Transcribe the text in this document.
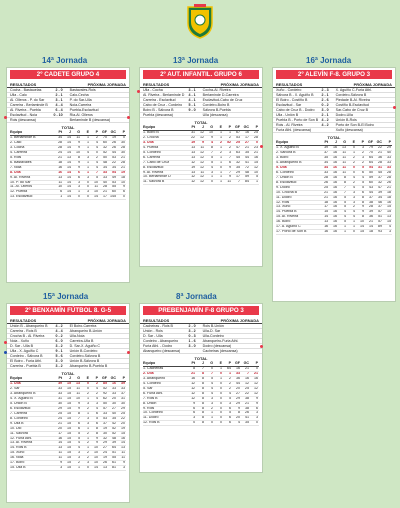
14ª Jornada	13ª Jornada	16ª Jornada
15ª Jornada	8ª Jornada
2º CADETE GRUPO 4
RESULTADOS	PRÓXIMA JORNADA
Cocha - Bastauelas	2 - 0	Bastavales-Rois
Ulla - Calo	2 - 1	Calo-Cecha
Al. Olleros - P. do Sar	3 - 1	P. do Sar-Ulla
Carreira - Berlaminde B 4 - 4	Noia-Carreira
Al. Riveira - Puebla	6 - 4	Puebla-Esclavitud
Esclavitud - Noia	0 - 10	Ria-Al. Olleros
Rois (descansa)	Berlaminde B (descansa)
TOTAL
Equipo	Pt	J	G	E	P	GF	GC	P
1. Berlaminde B	34	14	11	1	2	70	19	0
2. Calo	28	14	9	1	4	60	26	30
3. Cocha	28	14	9	1	4	32	26	28
4. Carreira	24	14	10	4	0	52	44	30
5. Rois	21	13	8	3	2	50	53	21
6. Bastavales	18	14	9	1	4	48	22	28
7. Noia	16	14	9	1	4	34	34	21
8. Ulla	16	14	6	1	7	33	54	19
9. Al. Riveira	13	14	6	3	5	33	49	18
10. P. do Sar	11	14	3	0	10	40	53	10
11. Al. Olleros	10	14	3	0	11	28	55	9
12. Puebla	6	14	1	3	10	21	60	6
13. Esclavitud	1	14	0	0	14	17	145	0
2º AUT. INFANTIL. GRUPO 6
RESULTADOS	PRÓXIMA JORNADA
Ulla - Cocha	3 - 1	Cocha-Al. Riveira
Al. Riveira - Berlaminde D 4 - 1	Berlaminde D-Carreira
Carreira - Esclavitud	4 - 1	Esclavitud-Cabo de Cruz
Cabo de Cruz - Cordeiro 5 - 1	Cordeiro-Boiro B
Boiro B - Sálvora B	9 - 0	Sálvora B-Puebla
Puebla (descansa)	Ulla (descansa)
TOTAL
Equipo	Pt	J	G	E	P	GF	GC	P
1. Boiro B	31	12	10	1	1	67	16	25
2. Crocha	22	12	9	1	2	53	17	28
3. Ulla	19	9	4	2	52	25	27	0
4. Puebla	13	11	8	1	2	47	21	23
5. Cordeiro	13	12	7	2	3	63	35	21
6. Carreira	13	12	5	1	7	45	44	16
7. Cabo de Cruz	12	12	5	1	6	32	41	15
8. Esclavitud	19	12	4	0	9	35	72	12
9. Al. Riveira	13	11	3	1	7	29	48	10
10. Berlaminde D	12	12	1	1	9	17	59	5
11. Sálvora B	12	12	0	1	11	7	84	1
2º ALEVÍN F-8. GRUPO 3
RESULTADOS	PRÓXIMA JORNADA
Xuño - Cordeiro	2 - 3	X. Aguiño C-Furia Athl.
Sálvora B - X. Aguiño B 2 - 1	Cordeiro-Sálvora B
El Boiro - Costiño B	2 - 6	Piedade B-Al. Riveira
Esclavitud - Sar	0 - 2	Costiño B-Esclavitud
Cabo de Cruz B - Dodro 3 - 0	Sar-Cabo de Cruz B
Ulla - Unión B	2 - 1	Dodro-Ulla
Puebla B - Porto de Son B 4 - 2	Unión B-Rois
Rois - Al. Riveira	4 - 2	Porto de Son B-El Boiro
Furia Athl. (descansa)	Xuño (descansa)
TOTAL
Equipo	Pt	J	G	E	P	GF	GC	P
1. X. Aguiño B	39	16	13	0	3	79	22	29
2. Sálvora B	37	16	11	1	2	70	21	40
3. Boiro	35	16	11	2	3	64	36	33
4. Abanqueiro B	34	16	11	2	2	64	28	33
5. Ulla	34	16	11	0	5	54	31	33
6. Cordeiro	33	16	11	0	6	50	45	28
7. Unión B	28	16	8	4	4	59	37	28
8. Esclavitud	26	16	8	2	5	60	32	26
9. Dodro	25	16	7	4	5	43	47	21
10. Crocha B	21	16	7	3	6	44	39	18
11. Dodro	21	16	5	3	8	37	34	18
12. Rois	18	16	5	3	8	38	46	16
13. Xuño	17	16	5	2	9	28	37	15
14. Puebla B	15	16	4	4	9	39	57	15
15. Al. Riveira	14	16	4	4	8	36	51	13
16. Boiro	13	16	5	1	10	21	57	15
17. A. Aguiño C	16	16	1	1	14	14	89	4
17. Porto de Son B	16	16	1	0	15	18	93	3
2º BENXAMÍN FÚTBOL 8. G-5
RESULTADOS	PRÓXIMA JORNADA
Unión B - Abanqueiro B 4 - 2	El Boiro-Carreira
Carreira - Rois B	4 - 4	Abanqueiro B-Unión
Crocha B - Al. Riveira	0 - 2	Ulla-Noia
Noia - Xuño	6 - 0	Carreira-Ulla B
D. Sar - Ulla B	3 - 2	D. Sar-X. Aguiño C
Ulla - X. Aguiño C	9 - 1	Unión B-Cordeiro
Cordeiro - Sálvora B	5 - 6	Cordeiro-Sálvora B
El Boiro - Furia Athl.	3 - 0	Unión B-Sálvora B
Carreira - Puebla B	3 - 2	Abanqueiro B-Puebla B
TOTAL
Equipo	Pt	J	G	E	P	GF	GC	P
1. Ulla	39	15	13	0	2	85	16	39
2. Sar	33	15	11	0	4	52	33	33
3. Abanqueiro B	33	15	11	2	2	92	33	37
4. X. Aguiño B	31	15	10	1	4	62	20	31
5. Unión B	30	15	9	3	3	50	30	30
6. Esclavitud	29	15	9	2	4	57	27	29
7. Carreira	25	15	8	1	6	33	40	25
8. Cordeiro	24	15	7	3	5	53	35	22
9. Ulla B	21	15	6	3	6	37	42	20
10. Dio	20	15	6	1	8	19	52	19
11. Sálvora	17	15	5	2	8	30	52	15
12. Furia Athl.	16	15	5	1	9	32	48	16
13. Al. Riveira	14	15	4	2	9	29	39	14
14. Rois B	13	15	4	1	10	27	64	13
15. Xuño	11	15	3	2	10	24	51	11
16. Noia	11	15	3	2	10	19	55	11
17. Boiro	9	15	2	3	10	26	61	9
15. Ulla B	3	15	1	0	14	13	81	3
PREBENJAMÍN F-8 GRUPO 3
RESULTADOS	PRÓXIMA JORNADA
Cacheiras - Rois B	2 - 0	Rois B-Unión
Unión - Rois	3 - 2	Ulla-D. Sar
D. Sar - Ulla	0 - 3	Ulla-Cordeiro
Cordeiro - Abanqueiro	1 - 6	Abanqueiro-Furia Athl.
Furia Athl. - Dodro	3 - 0	Dodro (descansa)
Abanqueiro (descansa)	Cacheiras (descansa)
TOTAL
Equipo	Pt	J	G	E	P	GF	GC	P
1. Cacheiras	8	7	0	1	64	16	21	0
2. Ulla	21	8	7	0	1	33	7	21
3. Abanqueiro	16	8	5	1	2	36	16	16
4. Cordeiro	12	8	4	0	2	44	12	12
5. Sar	12	8	4	0	2	20	25	12
6. Furia Athl.	12	8	4	0	4	27	22	12
7. Rois B	12	8	3	0	5	29	38	9
8. Unión	9	8	3	0	3	29	21	9
9. Rois	6	8	2	0	6	9	38	6
10. Cordeiro	6	8	1	0	5	8	26	3
11. Dodro	3	8	1	0	6	20	41	3
12. Rois B	0	8	0	0	6	4	35	0
